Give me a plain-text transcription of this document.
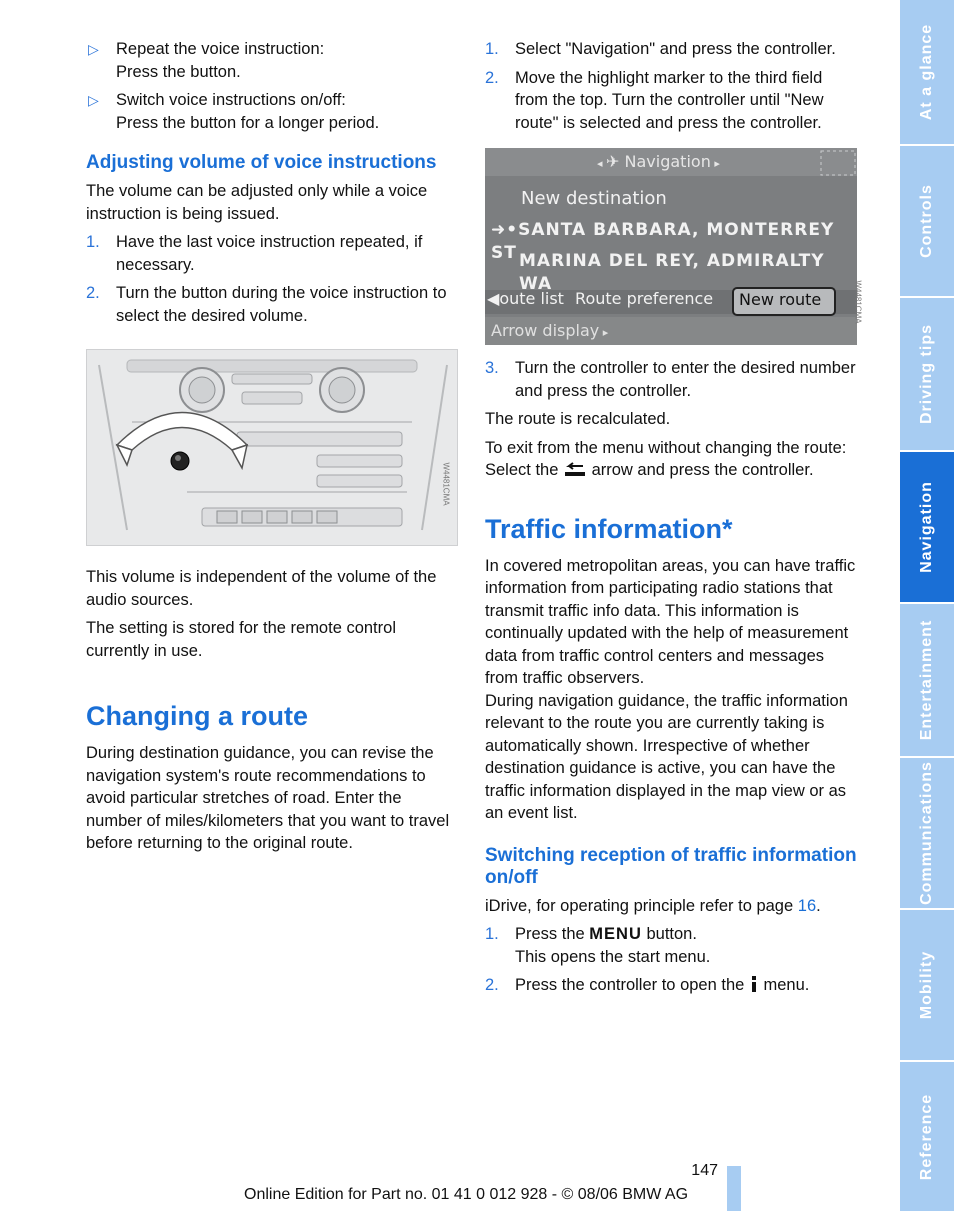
▷ Repeat the voice instruction:
Press the button.
▷ Switch voice instructions on/off:
Press the button for a longer period.
Adjusting volume of voice instructions

The volume can be adjusted only while a voice instruction is being issued.

1. Have the last voice instruction repeated, if necessary.
2. Turn the button during the voice instruction to select the desired volume.
W4481CMA

This volume is independent of the volume of the audio sources.

The setting is stored for the remote control currently in use.

Changing a route

During destination guidance, you can revise the navigation system's route recommendations to avoid particular stretches of road. Enter the number of miles/kilometers that you want to travel before returning to the original route.

1. Select "Navigation" and press the controller.
2. Move the highlight marker to the third field from the top. Turn the controller until "New route" is selected and press the controller.
◂ ✈ Navigation ▸
New destination
➜•SANTA BARBARA, MONTERREY ST MARINA DEL REY, ADMIRALTY WA
◀oute list Route preference New route
Arrow display ▸
W4481CMA
3. Turn the controller to enter the desired number and press the controller.

The route is recalculated.

To exit from the menu without changing the route:

Select the arrow and press the controller.

Traffic information*

In covered metropolitan areas, you can have traffic information from participating radio stations that transmit traffic info data. This information is continually updated with the help of measurement data from traffic control centers and messages from traffic observers.

During navigation guidance, the traffic information relevant to the route you are currently taking is automatically shown. Irrespective of whether destination guidance is active, you can have the traffic information displayed in the map view or as an event list.

Switching reception of traffic information on/off

iDrive, for operating principle refer to page 16.

1. Press the MENU button.
This opens the start menu.
2. Press the controller to open the menu.
At a glance
Controls
Driving tips
Navigation
Entertainment
Communications
Mobility
Reference
147
Online Edition for Part no. 01 41 0 012 928 - © 08/06 BMW AG
